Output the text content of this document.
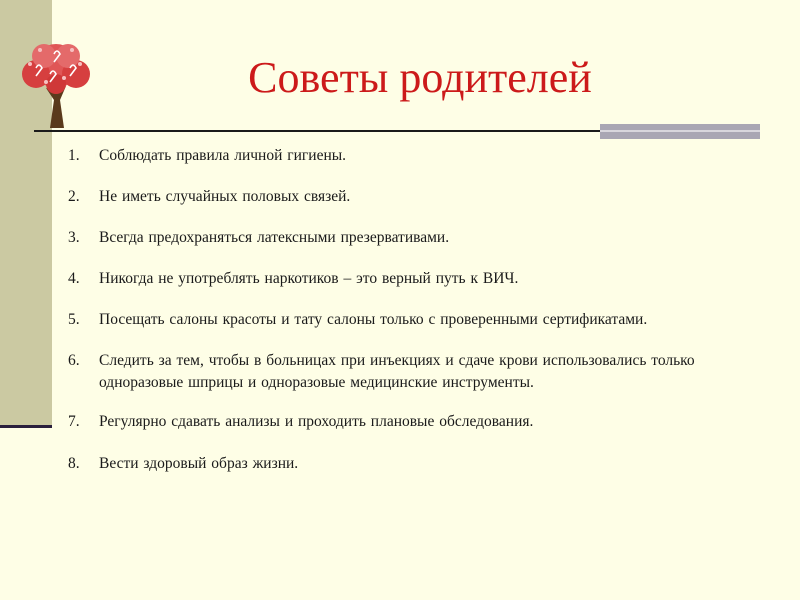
Советы родителей
1.	Соблюдать правила личной гигиены.
2.	Не иметь случайных половых связей.
3.	Всегда предохраняться латексными презервативами.
4.	Никогда не употреблять наркотиков – это верный путь к ВИЧ.
5.	Посещать салоны красоты и тату салоны только с проверенными сертификатами.
6.	Следить за тем, чтобы в больницах при инъекциях и сдаче крови использовались только одноразовые шприцы и одноразовые медицинские инструменты.
7.	Регулярно сдавать анализы и проходить плановые обследования.
8.	Вести здоровый образ жизни.
